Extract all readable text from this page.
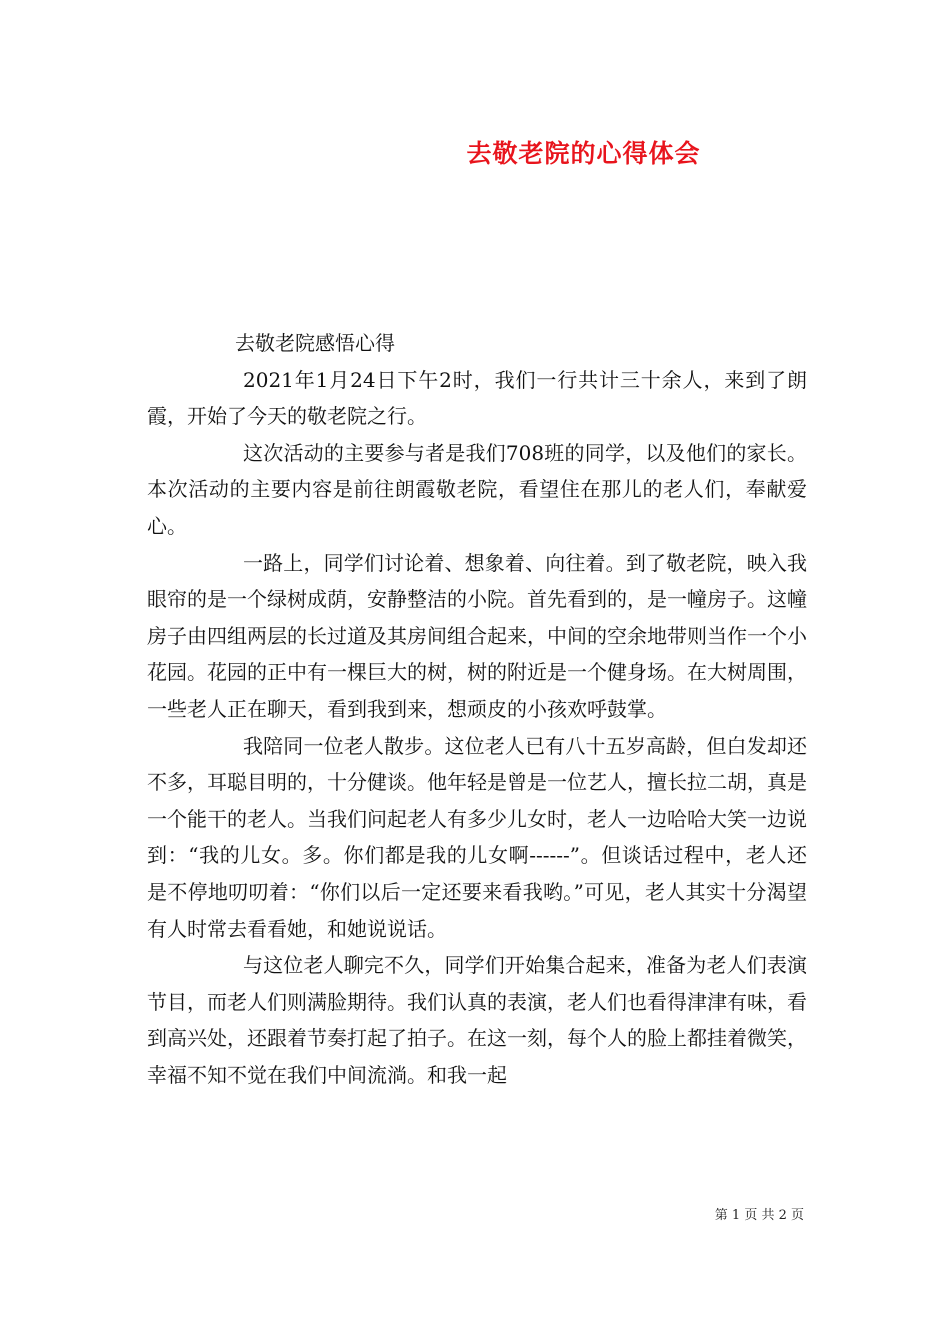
去敬老院的心得体会

去敬老院感悟心得

2021年1月24日下午2时，我们一行共计三十余人，来到了朗霞，开始了今天的敬老院之行。

这次活动的主要参与者是我们708班的同学，以及他们的家长。本次活动的主要内容是前往朗霞敬老院，看望住在那儿的老人们，奉献爱心。

一路上，同学们讨论着、想象着、向往着。到了敬老院，映入我眼帘的是一个绿树成荫，安静整洁的小院。首先看到的，是一幢房子。这幢房子由四组两层的长过道及其房间组合起来，中间的空余地带则当作一个小花园。花园的正中有一棵巨大的树，树的附近是一个健身场。在大树周围，一些老人正在聊天，看到我到来，想顽皮的小孩欢呼鼓掌。

我陪同一位老人散步。这位老人已有八十五岁高龄，但白发却还不多，耳聪目明的，十分健谈。他年轻是曾是一位艺人，擅长拉二胡，真是一个能干的老人。当我们问起老人有多少儿女时，老人一边哈哈大笑一边说到：“我的儿女。多。你们都是我的儿女啊------”。但谈话过程中，老人还是不停地叨叨着：“你们以后一定还要来看我哟。”可见，老人其实十分渴望有人时常去看看她，和她说说话。

与这位老人聊完不久，同学们开始集合起来，准备为老人们表演节目，而老人们则满脸期待。我们认真的表演，老人们也看得津津有味，看到高兴处，还跟着节奏打起了拍子。在这一刻，每个人的脸上都挂着微笑，幸福不知不觉在我们中间流淌。和我一起

第 1 页 共 2 页
